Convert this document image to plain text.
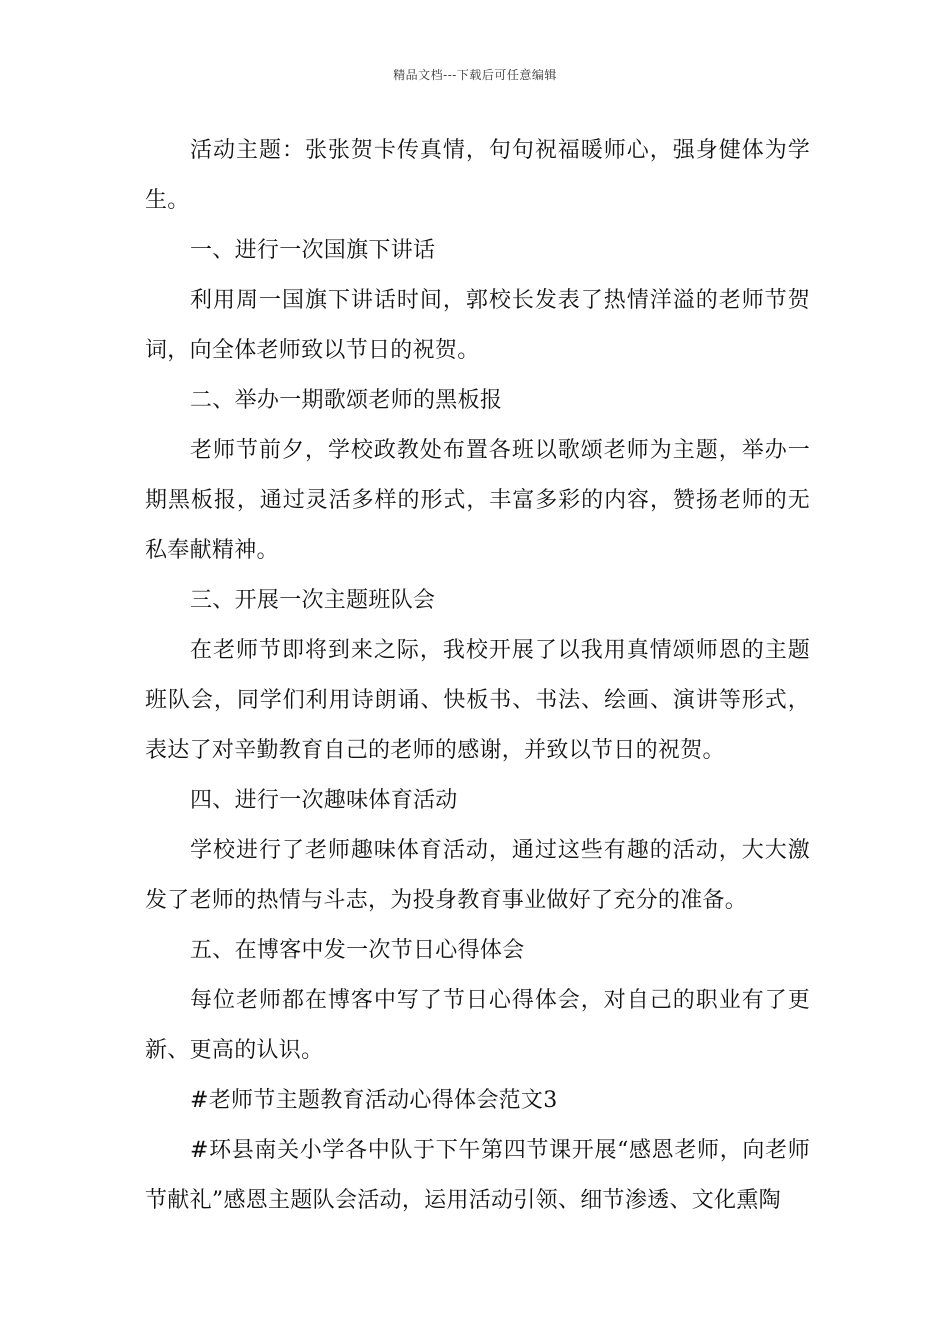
精品文档---下载后可任意编辑

活动主题：张张贺卡传真情，句句祝福暖师心，强身健体为学生。

一、进行一次国旗下讲话

利用周一国旗下讲话时间，郭校长发表了热情洋溢的老师节贺词，向全体老师致以节日的祝贺。

二、举办一期歌颂老师的黑板报

老师节前夕，学校政教处布置各班以歌颂老师为主题，举办一期黑板报，通过灵活多样的形式，丰富多彩的内容，赞扬老师的无私奉献精神。

三、开展一次主题班队会

在老师节即将到来之际，我校开展了以我用真情颂师恩的主题班队会，同学们利用诗朗诵、快板书、书法、绘画、演讲等形式，表达了对辛勤教育自己的老师的感谢，并致以节日的祝贺。

四、进行一次趣味体育活动

学校进行了老师趣味体育活动，通过这些有趣的活动，大大激发了老师的热情与斗志，为投身教育事业做好了充分的准备。

五、在博客中发一次节日心得体会

每位老师都在博客中写了节日心得体会，对自己的职业有了更新、更高的认识。

#老师节主题教育活动心得体会范文3

#环县南关小学各中队于下午第四节课开展“感恩老师，向老师节献礼”感恩主题队会活动，运用活动引领、细节渗透、文化熏陶
